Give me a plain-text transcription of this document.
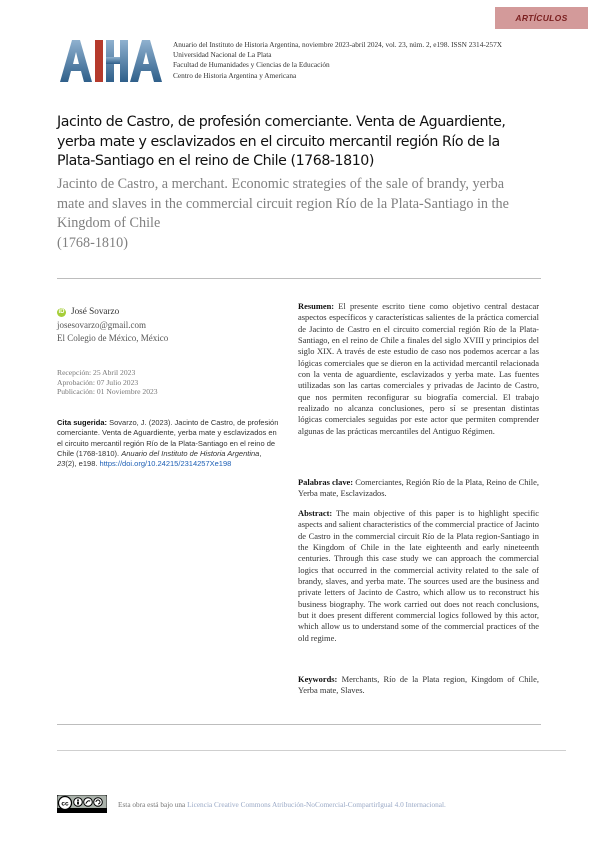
ARTÍCULOS
Anuario del Instituto de Historia Argentina, noviembre 2023-abril 2024, vol. 23, núm. 2, e198. ISSN 2314-257X
Universidad Nacional de La Plata
Facultad de Humanidades y Ciencias de la Educación
Centro de Historia Argentina y Americana
Jacinto de Castro, de profesión comerciante. Venta de Aguardiente,
yerba mate y esclavizados en el circuito mercantil región Río de la
Plata-Santiago en el reino de Chile (1768-1810)
Jacinto de Castro, a merchant. Economic strategies of the sale of brandy, yerba
mate and slaves in the commercial circuit region Río de la Plata-Santiago in the
Kingdom of Chile
(1768-1810)
iD José Sovarzo
josesovarzo@gmail.com
El Colegio de México, México
Recepción: 25 Abril 2023
Aprobación: 07 Julio 2023
Publicación: 01 Noviembre 2023
Cita sugerida: Sovarzo, J. (2023). Jacinto de Castro, de profesión comerciante. Venta de Aguardiente, yerba mate y esclavizados en el circuito mercantil región Río de la Plata-Santiago en el reino de Chile (1768-1810). Anuario del Instituto de Historia Argentina, 23(2), e198. https://doi.org/10.24215/2314257Xe198
Resumen: El presente escrito tiene como objetivo central destacar aspectos específicos y características salientes de la práctica comercial de Jacinto de Castro en el circuito comercial región Río de la Plata- Santiago, en el reino de Chile a finales del siglo XVIII y principios del siglo XIX. A través de este estudio de caso nos podemos acercar a las lógicas comerciales que se dieron en la actividad mercantil relacionada con la venta de aguardiente, esclavizados y yerba mate. Las fuentes utilizadas son las cartas comerciales y privadas de Jacinto de Castro, que nos permiten reconfigurar su biografía comercial. El trabajo realizado no alcanza conclusiones, pero sí se presentan distintas lógicas comerciales seguidas por este actor que permiten comprender algunas de las prácticas mercantiles del Antiguo Régimen.
Palabras clave: Comerciantes, Región Río de la Plata, Reino de Chile, Yerba mate, Esclavizados.
Abstract: The main objective of this paper is to highlight specific aspects and salient characteristics of the commercial practice of Jacinto de Castro in the commercial circuit Río de la Plata region-Santiago in the Kingdom of Chile in the late eighteenth and early nineteenth centuries. Through this case study we can approach the commercial logics that occurred in the commercial activity related to the sale of brandy, slaves, and yerba mate. The sources used are the business and private letters of Jacinto de Castro, which allow us to reconstruct his business biography. The work carried out does not reach conclusions, but it does present different commercial logics followed by this actor, which allow us to understand some of the commercial practices of the old regime.
Keywords: Merchants, Río de la Plata region, Kingdom of Chile, Yerba mate, Slaves.
cc	Esta obra está bajo una Licencia Creative Commons Atribución-NoComercial-CompartirIgual 4.0 Internacional.
